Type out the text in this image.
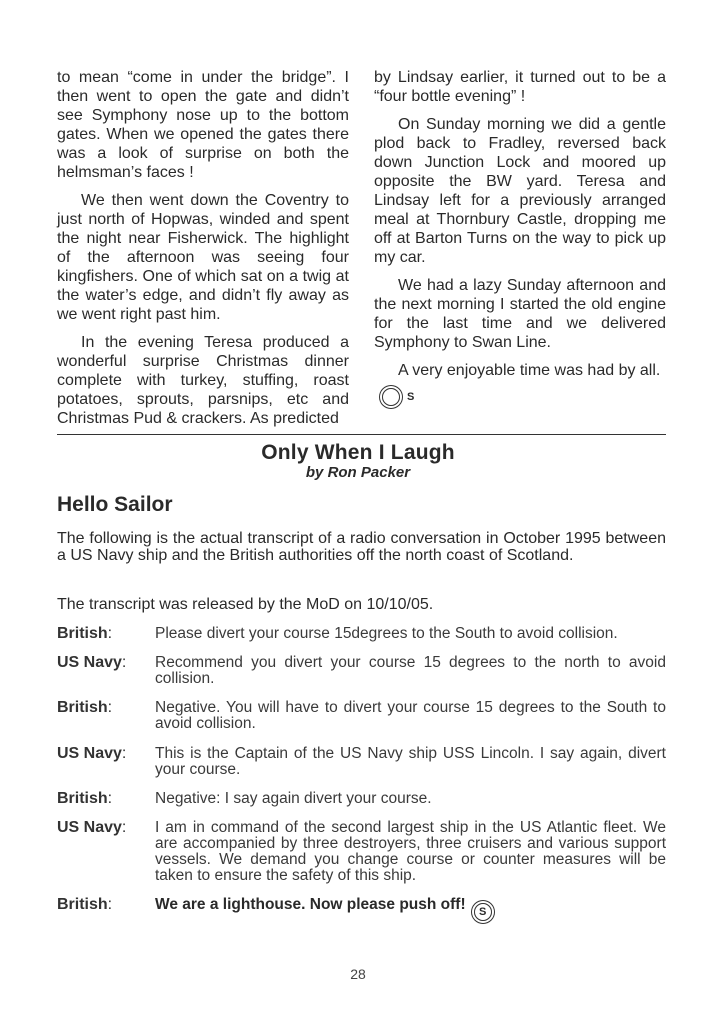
to mean “come in under the bridge”. I then went to open the gate and didn’t see Symphony nose up to the bottom gates. When we opened the gates there was a look of surprise on both the helmsman’s faces !

We then went down the Coventry to just north of Hopwas, winded and spent the night near Fisherwick. The highlight of the afternoon was seeing four kingfishers. One of which sat on a twig at the water’s edge, and didn’t fly away as we went right past him.

In the evening Teresa produced a wonderful surprise Christmas dinner complete with turkey, stuffing, roast potatoes, sprouts, parsnips, etc and Christmas Pud & crackers. As predicted

by Lindsay earlier, it turned out to be a “four bottle evening” !

On Sunday morning we did a gentle plod back to Fradley, reversed back down Junction Lock and moored up opposite the BW yard. Teresa and Lindsay left for a previously arranged meal at Thornbury Castle, dropping me off at Barton Turns on the way to pick up my car.

We had a lazy Sunday afternoon and the next morning I started the old engine for the last time and we delivered Symphony to Swan Line.

A very enjoyable time was had by all.S

Only When I Laugh
by Ron Packer
Hello Sailor
The following is the actual transcript of a radio conversation in October 1995 between a US Navy ship and the British authorities off the north coast of Scotland.
The transcript was released by the MoD on 10/10/05.
British:	Please divert your course 15degrees to the South to avoid collision.
US Navy:	Recommend you divert your course 15 degrees to the north to avoid collision.
British:	Negative. You will have to divert your course 15 degrees to the South to avoid collision.
US Navy:	This is the Captain of the US Navy ship USS Lincoln. I say again, divert your course.
British:	Negative: I say again divert your course.
US Navy:	I am in command of the second largest ship in the US Atlantic fleet. We are accompanied by three destroyers, three cruisers and various support vessels. We demand you change course or counter measures will be taken to ensure the safety of this ship.
British:	We are a lighthouse. Now please push off! S
28
